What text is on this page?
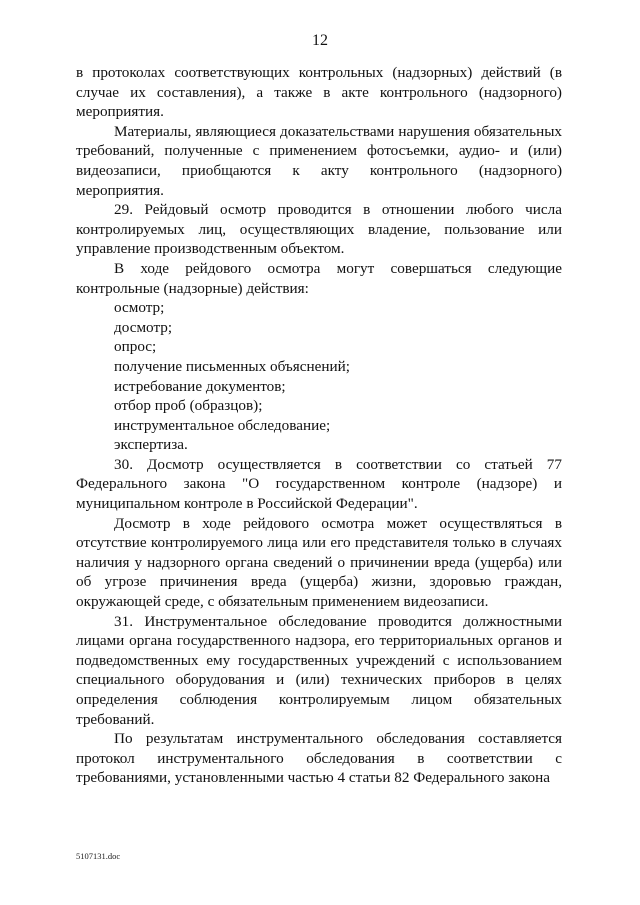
12

в протоколах соответствующих контрольных (надзорных) действий (в случае их составления), а также в акте контрольного (надзорного) мероприятия.

Материалы, являющиеся доказательствами нарушения обязательных требований, полученные с применением фотосъемки, аудио- и (или) видеозаписи, приобщаются к акту контрольного (надзорного) мероприятия.

29. Рейдовый осмотр проводится в отношении любого числа контролируемых лиц, осуществляющих владение, пользование или управление производственным объектом.

В ходе рейдового осмотра могут совершаться следующие контрольные (надзорные) действия:

осмотр;

досмотр;

опрос;

получение письменных объяснений;

истребование документов;

отбор проб (образцов);

инструментальное обследование;

экспертиза.

30. Досмотр осуществляется в соответствии со статьей 77 Федерального закона "О государственном контроле (надзоре) и муниципальном контроле в Российской Федерации".

Досмотр в ходе рейдового осмотра может осуществляться в отсутствие контролируемого лица или его представителя только в случаях наличия у надзорного органа сведений о причинении вреда (ущерба) или об угрозе причинения вреда (ущерба) жизни, здоровью граждан, окружающей среде, с обязательным применением видеозаписи.

31. Инструментальное обследование проводится должностными лицами органа государственного надзора, его территориальных органов и подведомственных ему государственных учреждений с использованием специального оборудования и (или) технических приборов в целях определения соблюдения контролируемым лицом обязательных требований.

По результатам инструментального обследования составляется протокол инструментального обследования в соответствии с требованиями, установленными частью 4 статьи 82 Федерального закона

5107131.doc
